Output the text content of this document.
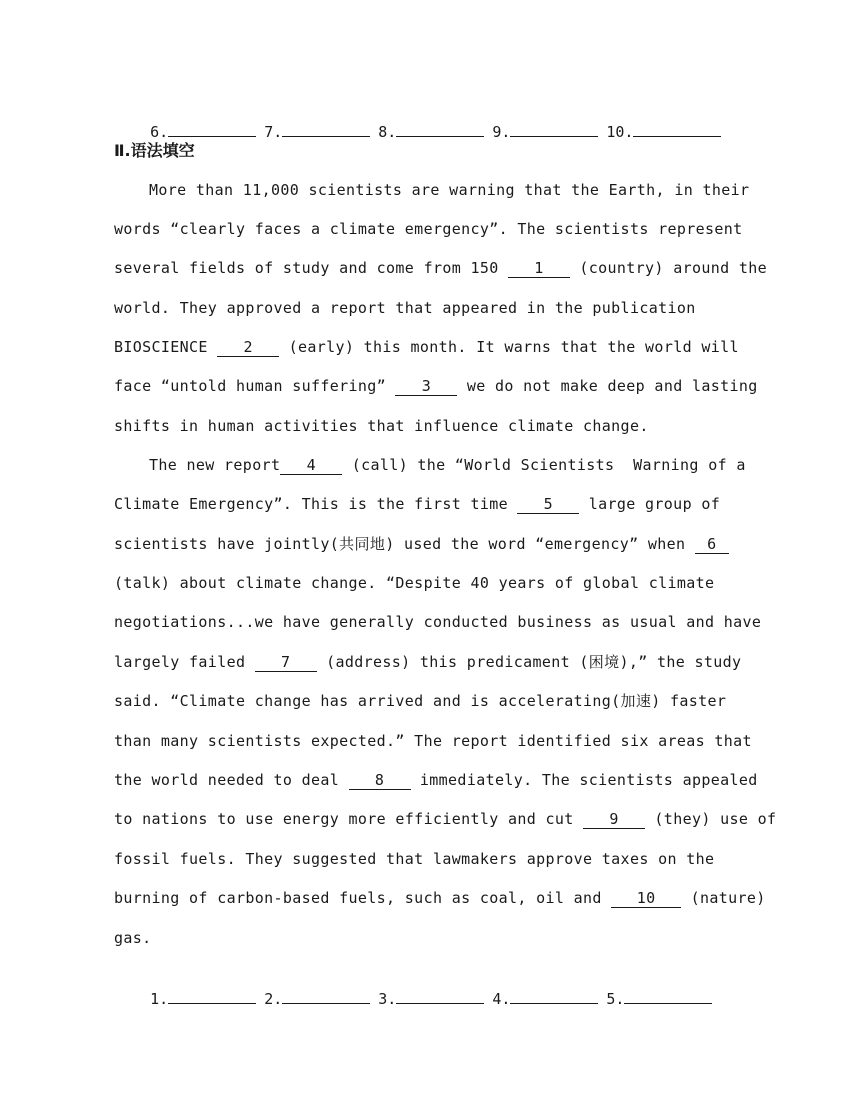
6.	7.	8.	9.	10.

Ⅱ.语法填空
More than 11,000 scientists are warning that the Earth, in their
words “clearly faces a climate emergency”. The scientists represent
several fields of study and come from 150 1 (country) around the
world. They approved a report that appeared in the publication
BIOSCIENCE 2 (early) this month. It warns that the world will
face “untold human suffering” 3 we do not make deep and lasting
shifts in human activities that influence climate change.
The new report 4 (call) the “World Scientists  Warning of a
Climate Emergency”. This is the first time 5 large group of
scientists have jointly(共同地) used the word “emergency” when 6
(talk) about climate change. “Despite 40 years of global climate
negotiations...we have generally conducted business as usual and have
largely failed 7 (address) this predicament (困境),” the study
said. “Climate change has arrived and is accelerating(加速) faster
than many scientists expected.” The report identified six areas that
the world needed to deal 8 immediately. The scientists appealed
to nations to use energy more efficiently and cut 9 (they) use of
fossil fuels. They suggested that lawmakers approve taxes on the
burning of carbon-based fuels, such as coal, oil and 10 (nature)
gas.

1.	2.	3.	4.	5.
